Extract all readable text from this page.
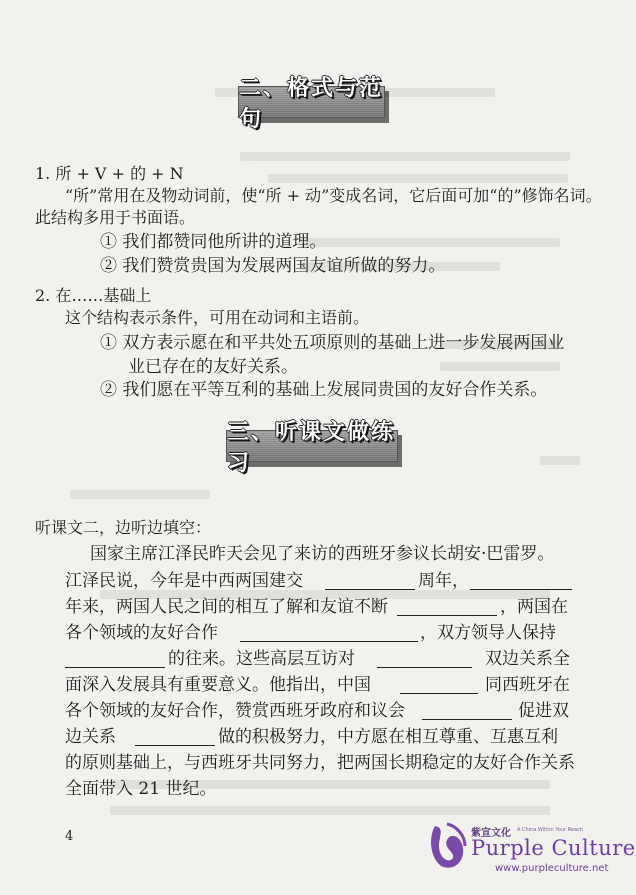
二、格式与范句
1. 所 + V + 的 + N
“所”常用在及物动词前，使“所 + 动”变成名词，它后面可加“的”修饰名词。
此结构多用于书面语。
① 我们都赞同他所讲的道理。
② 我们赞赏贵国为发展两国友谊所做的努力。
2. 在……基础上
这个结构表示条件，可用在动词和主语前。
① 双方表示愿在和平共处五项原则的基础上进一步发展两国业
业已存在的友好关系。
② 我们愿在平等互利的基础上发展同贵国的友好合作关系。
三、听课文做练习
听课文二，边听边填空：
国家主席江泽民昨天会见了来访的西班牙参议长胡安·巴雷罗。
江泽民说，今年是中西两国建交	周年，
年来，两国人民之间的相互了解和友谊不断	，两国在
各个领域的友好合作	，双方领导人保持
的往来。这些高层互访对	双边关系全
面深入发展具有重要意义。他指出，中国	同西班牙在
各个领域的友好合作，赞赏西班牙政府和议会	促进双
边关系	做的积极努力，中方愿在相互尊重、互惠互利
的原则基础上，与西班牙共同努力，把两国长期稳定的友好合作关系
全面带入 21 世纪。
4	紫宣文化 A China Within Your Reach
Purple Culture
www.purpleculture.net
